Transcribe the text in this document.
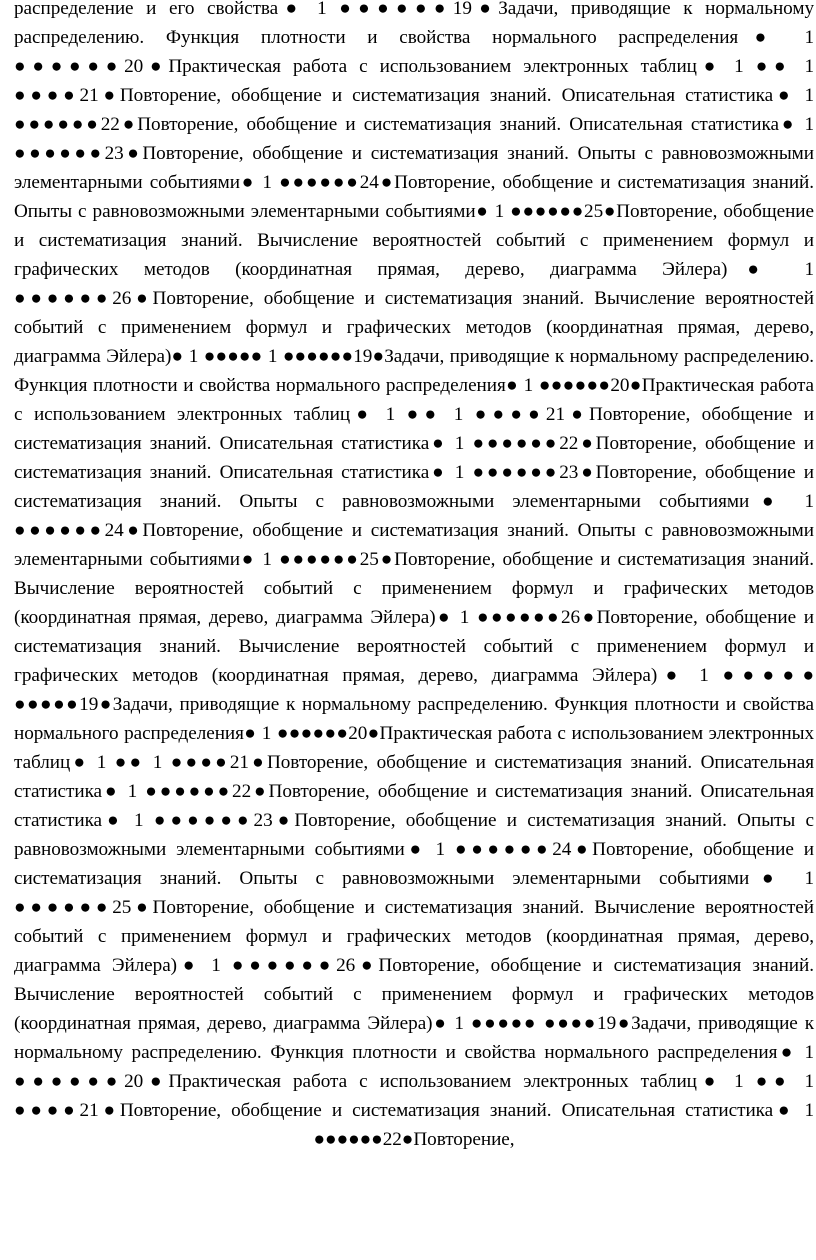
распределение и его свойства● 1 ●●●●●●19●Задачи, приводящие к нормальному распределению. Функция плотности и свойства нормального распределения● 1 ●●●●●●20●Практическая работа с использованием электронных таблиц● 1 ●● 1 ●●●●21●Повторение, обобщение и систематизация знаний. Описательная статистика● 1 ●●●●●●22●Повторение, обобщение и систематизация знаний. Описательная статистика● 1 ●●●●●●23●Повторение, обобщение и систематизация знаний. Опыты с равновозможными элементарными событиями● 1 ●●●●●●24●Повторение, обобщение и систематизация знаний. Опыты с равновозможными элементарными событиями● 1 ●●●●●●25●Повторение, обобщение и систематизация знаний. Вычисление вероятностей событий с применением формул и графических методов (координатная прямая, дерево, диаграмма Эйлера)● 1 ●●●●●●26●Повторение, обобщение и систематизация знаний. Вычисление вероятностей событий с применением формул и графических методов (координатная прямая, дерево, диаграмма Эйлера)● 1 ●●●●● 1 ●●●●●●19●Задачи, приводящие к нормальному распределению. Функция плотности и свойства нормального распределения● 1 ●●●●●●20●Практическая работа с использованием электронных таблиц● 1 ●● 1 ●●●●21●Повторение, обобщение и систематизация знаний. Описательная статистика● 1 ●●●●●●22●Повторение, обобщение и систематизация знаний. Описательная статистика● 1 ●●●●●●23●Повторение, обобщение и систематизация знаний. Опыты с равновозможными элементарными событиями● 1 ●●●●●●24●Повторение, обобщение и систематизация знаний. Опыты с равновозможными элементарными событиями● 1 ●●●●●●25●Повторение, обобщение и систематизация знаний. Вычисление вероятностей событий с применением формул и графических методов (координатная прямая, дерево, диаграмма Эйлера)● 1 ●●●●●●26●Повторение, обобщение и систематизация знаний. Вычисление вероятностей событий с применением формул и графических методов (координатная прямая, дерево, диаграмма Эйлера)● 1 ●●●●● ●●●●●19●Задачи, приводящие к нормальному распределению. Функция плотности и свойства нормального распределения● 1 ●●●●●●20●Практическая работа с использованием электронных таблиц● 1 ●● 1 ●●●●21●Повторение, обобщение и систематизация знаний. Описательная статистика● 1 ●●●●●●22●Повторение, обобщение и систематизация знаний. Описательная статистика● 1 ●●●●●●23●Повторение, обобщение и систематизация знаний. Опыты с равновозможными элементарными событиями● 1 ●●●●●●24●Повторение, обобщение и систематизация знаний. Опыты с равновозможными элементарными событиями● 1 ●●●●●●25●Повторение, обобщение и систематизация знаний. Вычисление вероятностей событий с применением формул и графических методов (координатная прямая, дерево, диаграмма Эйлера)● 1 ●●●●●●26●Повторение, обобщение и систематизация знаний. Вычисление вероятностей событий с применением формул и графических методов (координатная прямая, дерево, диаграмма Эйлера)● 1 ●●●●● ●●●●19●Задачи, приводящие к нормальному распределению. Функция плотности и свойства нормального распределения● 1 ●●●●●●20●Практическая работа с использованием электронных таблиц● 1 ●● 1 ●●●●21●Повторение, обобщение и систематизация знаний. Описательная статистика● 1 ●●●●●●22●Повторение,
